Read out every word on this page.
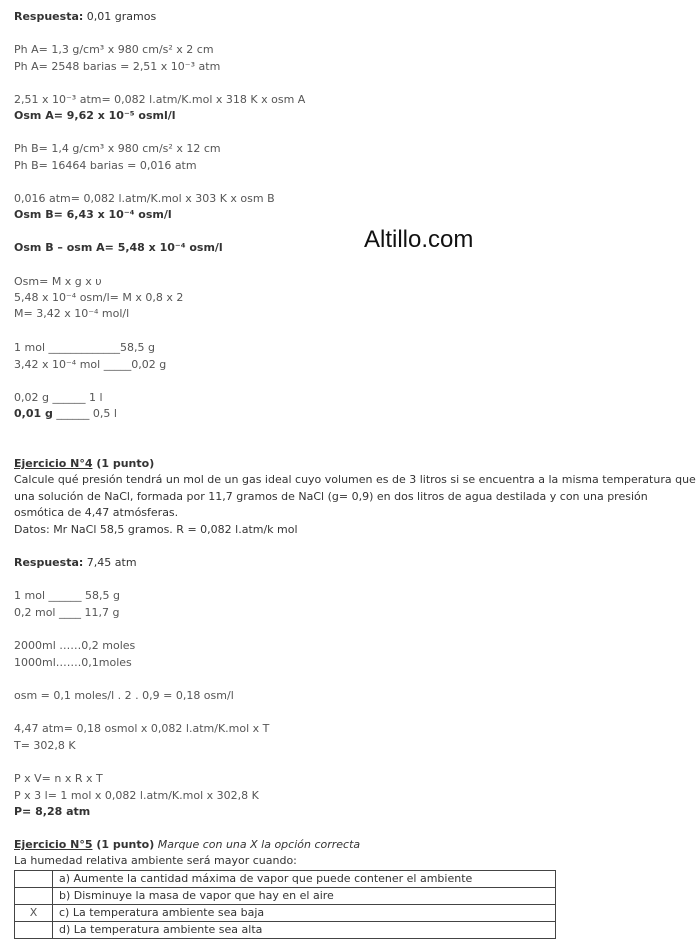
Respuesta: 0,01 gramos
Ph A= 1,3 g/cm³ x 980 cm/s² x 2 cm
Ph A= 2548 barias = 2,51 x 10⁻³ atm
2,51 x 10⁻³ atm= 0,082 l.atm/K.mol x 318 K x osm A
Osm A= 9,62 x 10⁻⁵ osml/l
Ph B= 1,4 g/cm³ x 980 cm/s² x 12 cm
Ph B= 16464 barias = 0,016 atm
0,016 atm= 0,082 l.atm/K.mol x 303 K x osm B
Osm B= 6,43 x 10⁻⁴ osm/l
Osm B – osm A= 5,48 x 10⁻⁴ osm/l	Altillo.com
Osm= M x g x υ
5,48 x 10⁻⁴ osm/l= M x 0,8 x 2
M= 3,42 x 10⁻⁴ mol/l
1 mol _____________58,5 g
3,42 x 10⁻⁴ mol _____0,02 g
0,02 g ______ 1 l
0,01 g ______ 0,5 l
Ejercicio N°4 (1 punto)
Calcule qué presión tendrá un mol de un gas ideal cuyo volumen es de 3 litros si se encuentra a la misma temperatura que una solución de NaCl, formada por 11,7 gramos de NaCl (g= 0,9) en dos litros de agua destilada y con una presión osmótica de 4,47 atmósferas.
Datos: Mr NaCl 58,5 gramos. R = 0,082 l.atm/k mol
Respuesta: 7,45 atm
1 mol ______ 58,5 g
0,2 mol ____ 11,7 g
2000ml ……0,2 moles
1000ml…….0,1moles
osm = 0,1 moles/l . 2 . 0,9 = 0,18 osm/l
4,47 atm= 0,18 osmol x 0,082 l.atm/K.mol x T
T= 302,8 K
P x V= n x R x T
P x 3 l= 1 mol x 0,082 l.atm/K.mol x 302,8 K
P= 8,28 atm
Ejercicio N°5 (1 punto) Marque con una X la opción correcta
La humedad relativa ambiente será mayor cuando:
	a) Aumente la cantidad máxima de vapor que puede contener el ambiente
	b) Disminuye la masa de vapor que hay en el aire
X	c) La temperatura ambiente sea baja
	d) La temperatura ambiente sea alta
